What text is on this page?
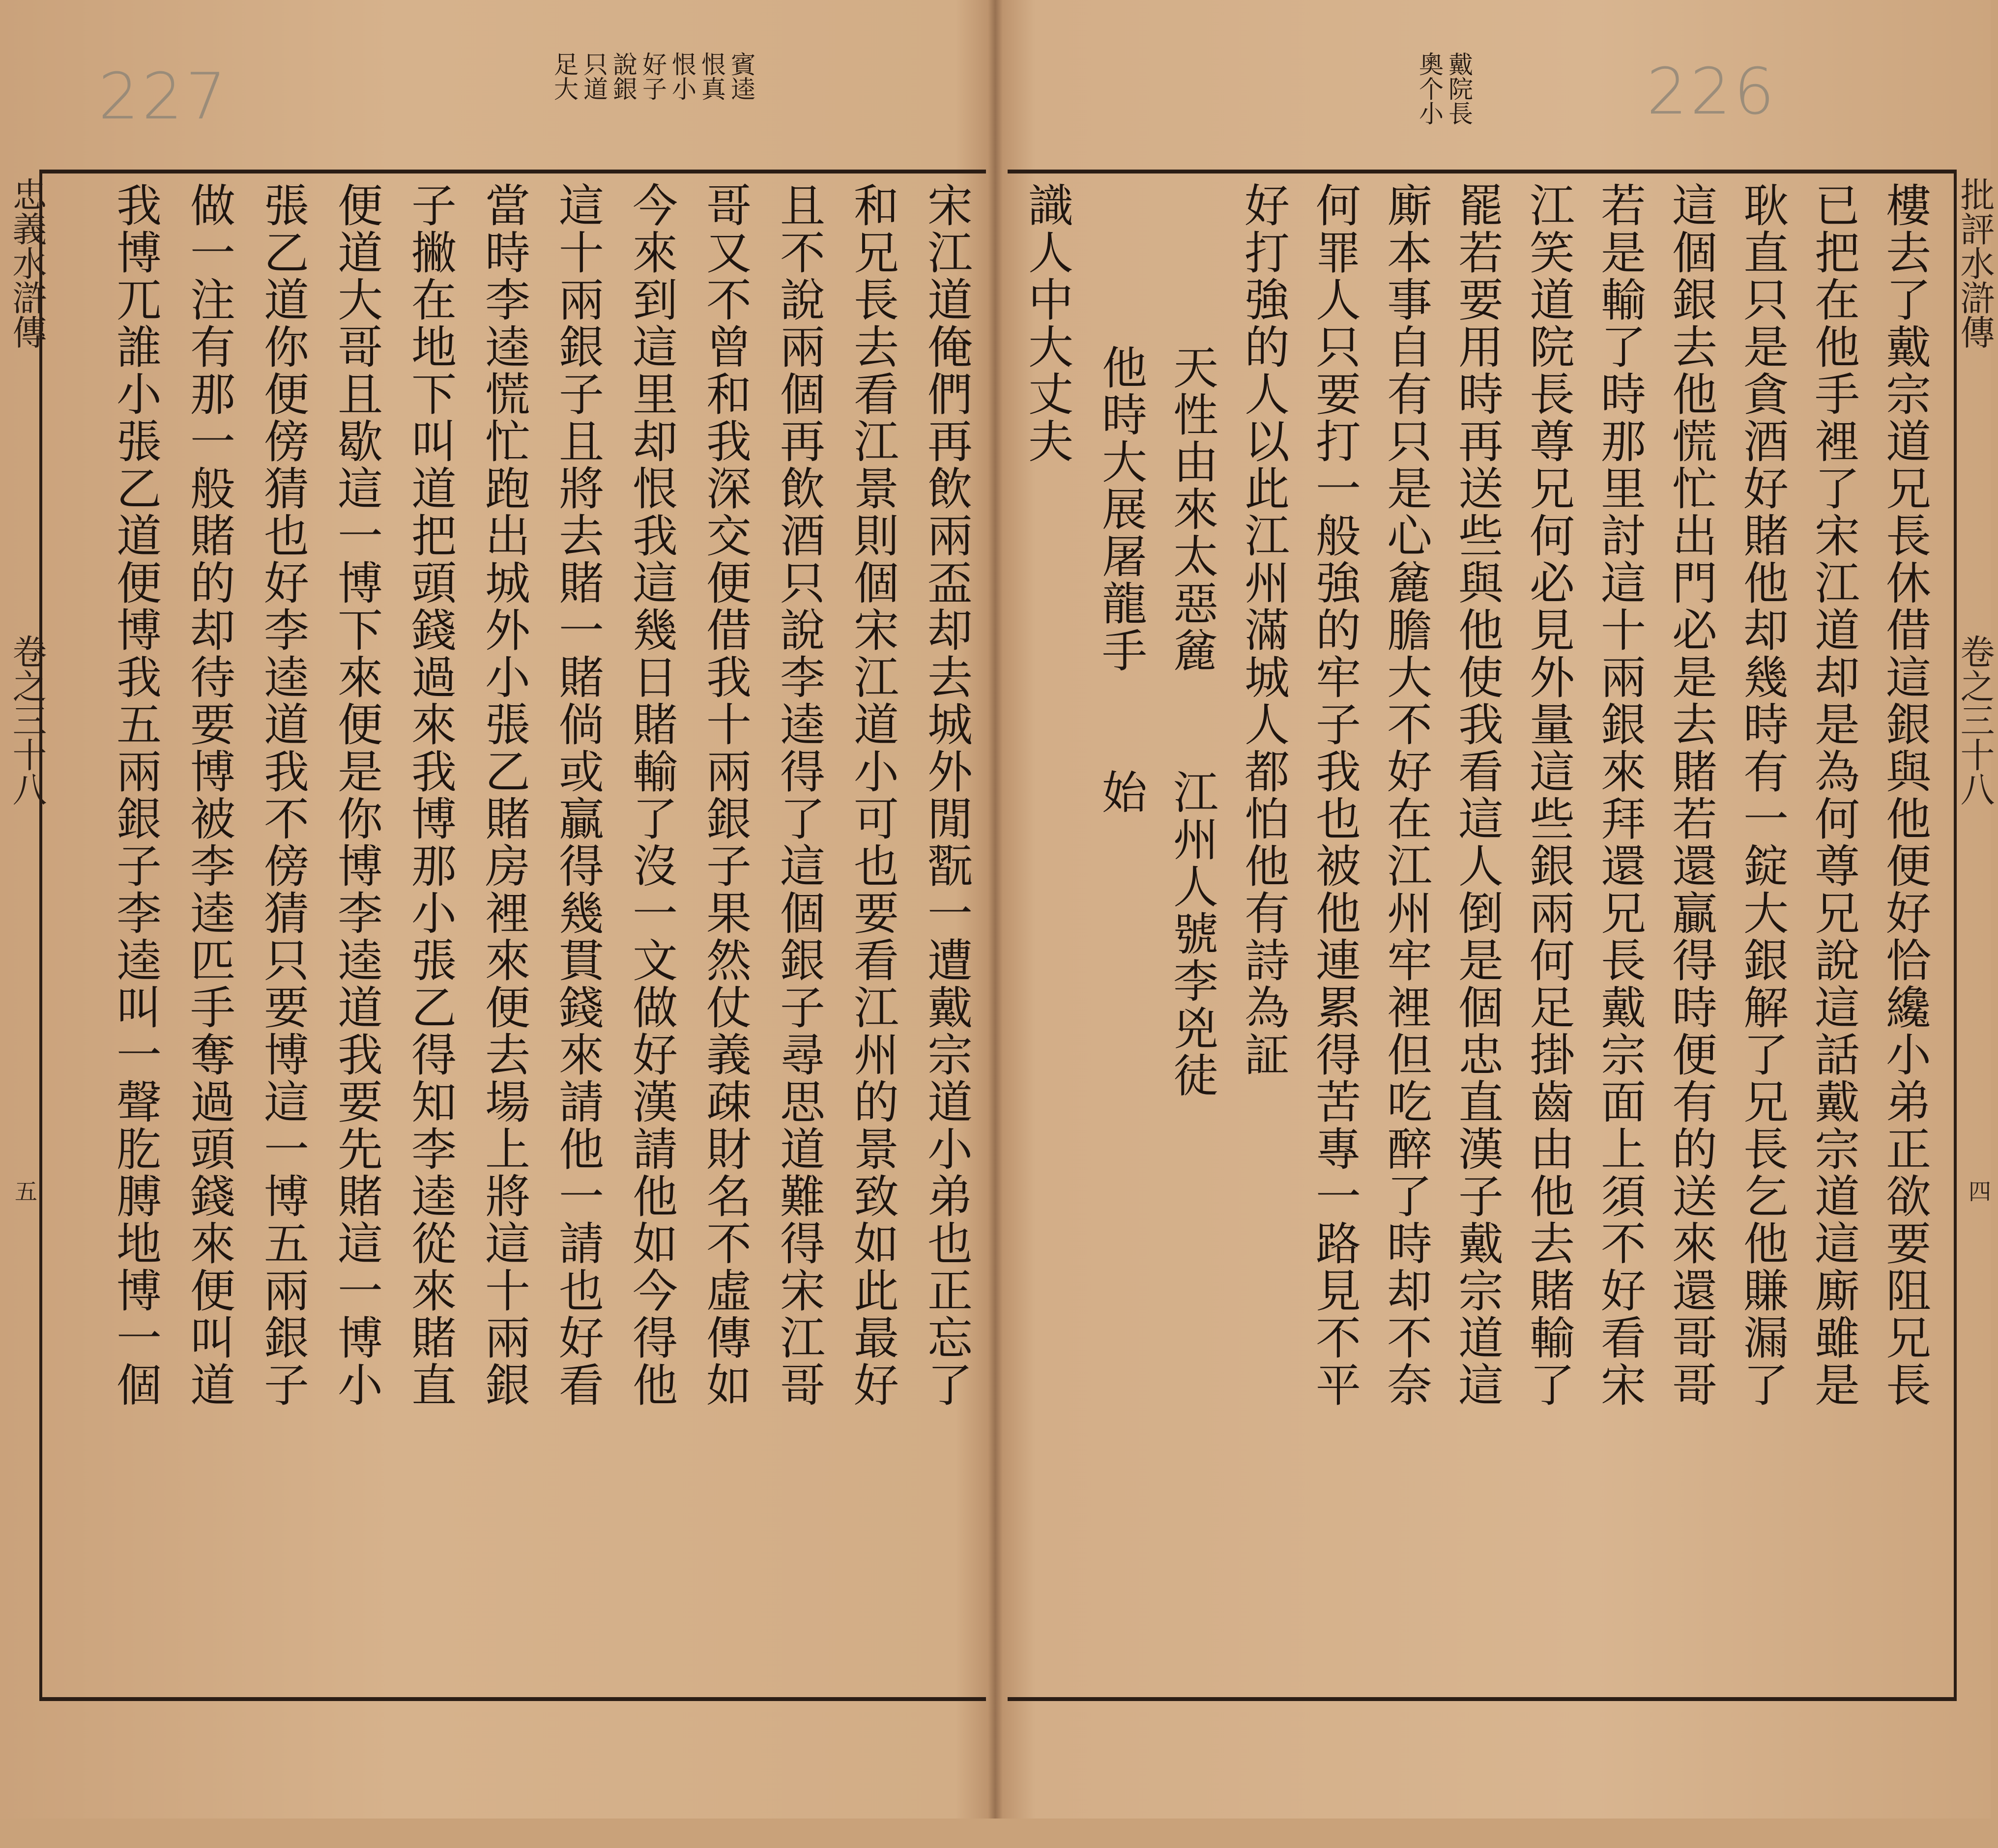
227	只道 說銀 好子 恨小 恨真 賓逵
足大
忠義水滸傳
卷之三十八
五	宋江道俺們再飲兩盃却去城外閒翫一遭戴宗道小弟也正忘了
和兄長去看江景則個宋江道小可也要看江州的景致如此最好
且不說兩個再飲酒只說李逵得了這個銀子尋思道難得宋江哥
哥又不曾和我深交便借我十兩銀子果然仗義疎財名不虛傳如
今來到這里却恨我這幾日賭輸了沒一文做好漢請他如今得他
這十兩銀子且將去賭一賭倘或贏得幾貫錢來請他一請也好看
當時李逵慌忙跑出城外小張乙賭房裡來便去場上將這十兩銀
子撇在地下叫道把頭錢過來我博那小張乙得知李逵從來賭直
便道大哥且歇這一博下來便是你博李逵道我要先賭這一博小
張乙道你便傍猜也好李逵道我不傍猜只要博這一博五兩銀子
做一注有那一般賭的却待要博被李逵匹手奪過頭錢來便叫道
我博兀誰小張乙道便博我五兩銀子李逵叫一聲肐膊地博一個
226
戴院長
奧个小
批評水滸傳
卷之三十八
四
樓去了戴宗道兄長休借這銀與他便好恰纔小弟正欲要阻兄長
已把在他手裡了宋江道却是為何尊兄說這話戴宗道這廝雖是
耿直只是貪酒好賭他却幾時有一錠大銀解了兄長乞他賺漏了
這個銀去他慌忙出門必是去賭若還贏得時便有的送來還哥哥
若是輸了時那里討這十兩銀來拜還兄長戴宗面上須不好看宋
江笑道院長尊兄何必見外量這些銀兩何足掛齒由他去賭輸了
罷若要用時再送些與他使我看這人倒是個忠直漢子戴宗道這
廝本事自有只是心麄膽大不好在江州牢裡但吃醉了時却不奈
何罪人只要打一般強的牢子我也被他連累得苦專一路見不平
好打強的人以此江州滿城人都怕他有詩為証
天性由來太惡麄　　江州人號李兇徒
他時大展屠龍手　　始
識人中大丈夫
